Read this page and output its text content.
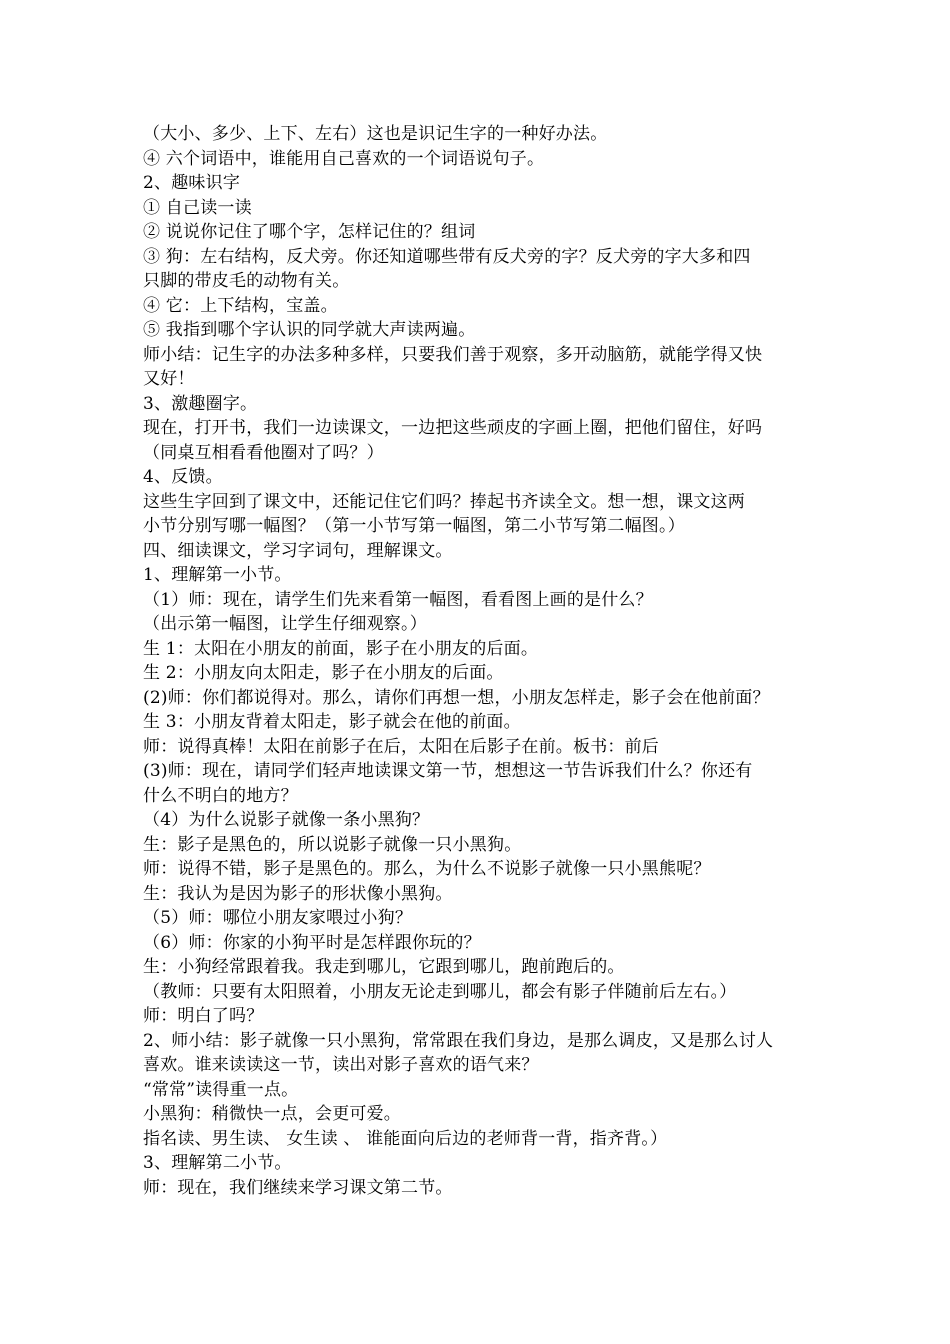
（大小、多少、上下、左右）这也是识记生字的一种好办法。
④ 六个词语中，谁能用自己喜欢的一个词语说句子。
2、趣味识字
① 自己读一读
② 说说你记住了哪个字，怎样记住的？组词
③ 狗：左右结构，反犬旁。你还知道哪些带有反犬旁的字？反犬旁的字大多和四
只脚的带皮毛的动物有关。
④ 它：上下结构，宝盖。
⑤ 我指到哪个字认识的同学就大声读两遍。
师小结：记生字的办法多种多样，只要我们善于观察，多开动脑筋，就能学得又快
又好！
3、激趣圈字。
现在，打开书，我们一边读课文，一边把这些顽皮的字画上圈，把他们留住，好吗
（同桌互相看看他圈对了吗？）
4、反馈。
这些生字回到了课文中，还能记住它们吗？捧起书齐读全文。想一想，课文这两
小节分别写哪一幅图？（第一小节写第一幅图，第二小节写第二幅图。）
四、细读课文，学习字词句，理解课文。
1、理解第一小节。
（1）师：现在，请学生们先来看第一幅图，看看图上画的是什么？
（出示第一幅图，让学生仔细观察。）
生 1：太阳在小朋友的前面，影子在小朋友的后面。
生 2：小朋友向太阳走，影子在小朋友的后面。
(2)师：你们都说得对。那么，请你们再想一想，小朋友怎样走，影子会在他前面？
生 3：小朋友背着太阳走，影子就会在他的前面。
师：说得真棒！太阳在前影子在后，太阳在后影子在前。板书：前后
(3)师：现在，请同学们轻声地读课文第一节，想想这一节告诉我们什么？你还有
什么不明白的地方？
（4）为什么说影子就像一条小黑狗？
生：影子是黑色的，所以说影子就像一只小黑狗。
师：说得不错，影子是黑色的。那么，为什么不说影子就像一只小黑熊呢？
生：我认为是因为影子的形状像小黑狗。
（5）师：哪位小朋友家喂过小狗？
（6）师：你家的小狗平时是怎样跟你玩的？
生：小狗经常跟着我。我走到哪儿，它跟到哪儿，跑前跑后的。
（教师：只要有太阳照着，小朋友无论走到哪儿，都会有影子伴随前后左右。）
师：明白了吗？
2、师小结：影子就像一只小黑狗，常常跟在我们身边，是那么调皮，又是那么讨人
喜欢。谁来读读这一节，读出对影子喜欢的语气来？
“常常”读得重一点。
小黑狗：稍微快一点，会更可爱。
指名读、男生读、 女生读 、 谁能面向后边的老师背一背，指齐背。）
3、理解第二小节。
师：现在，我们继续来学习课文第二节。
